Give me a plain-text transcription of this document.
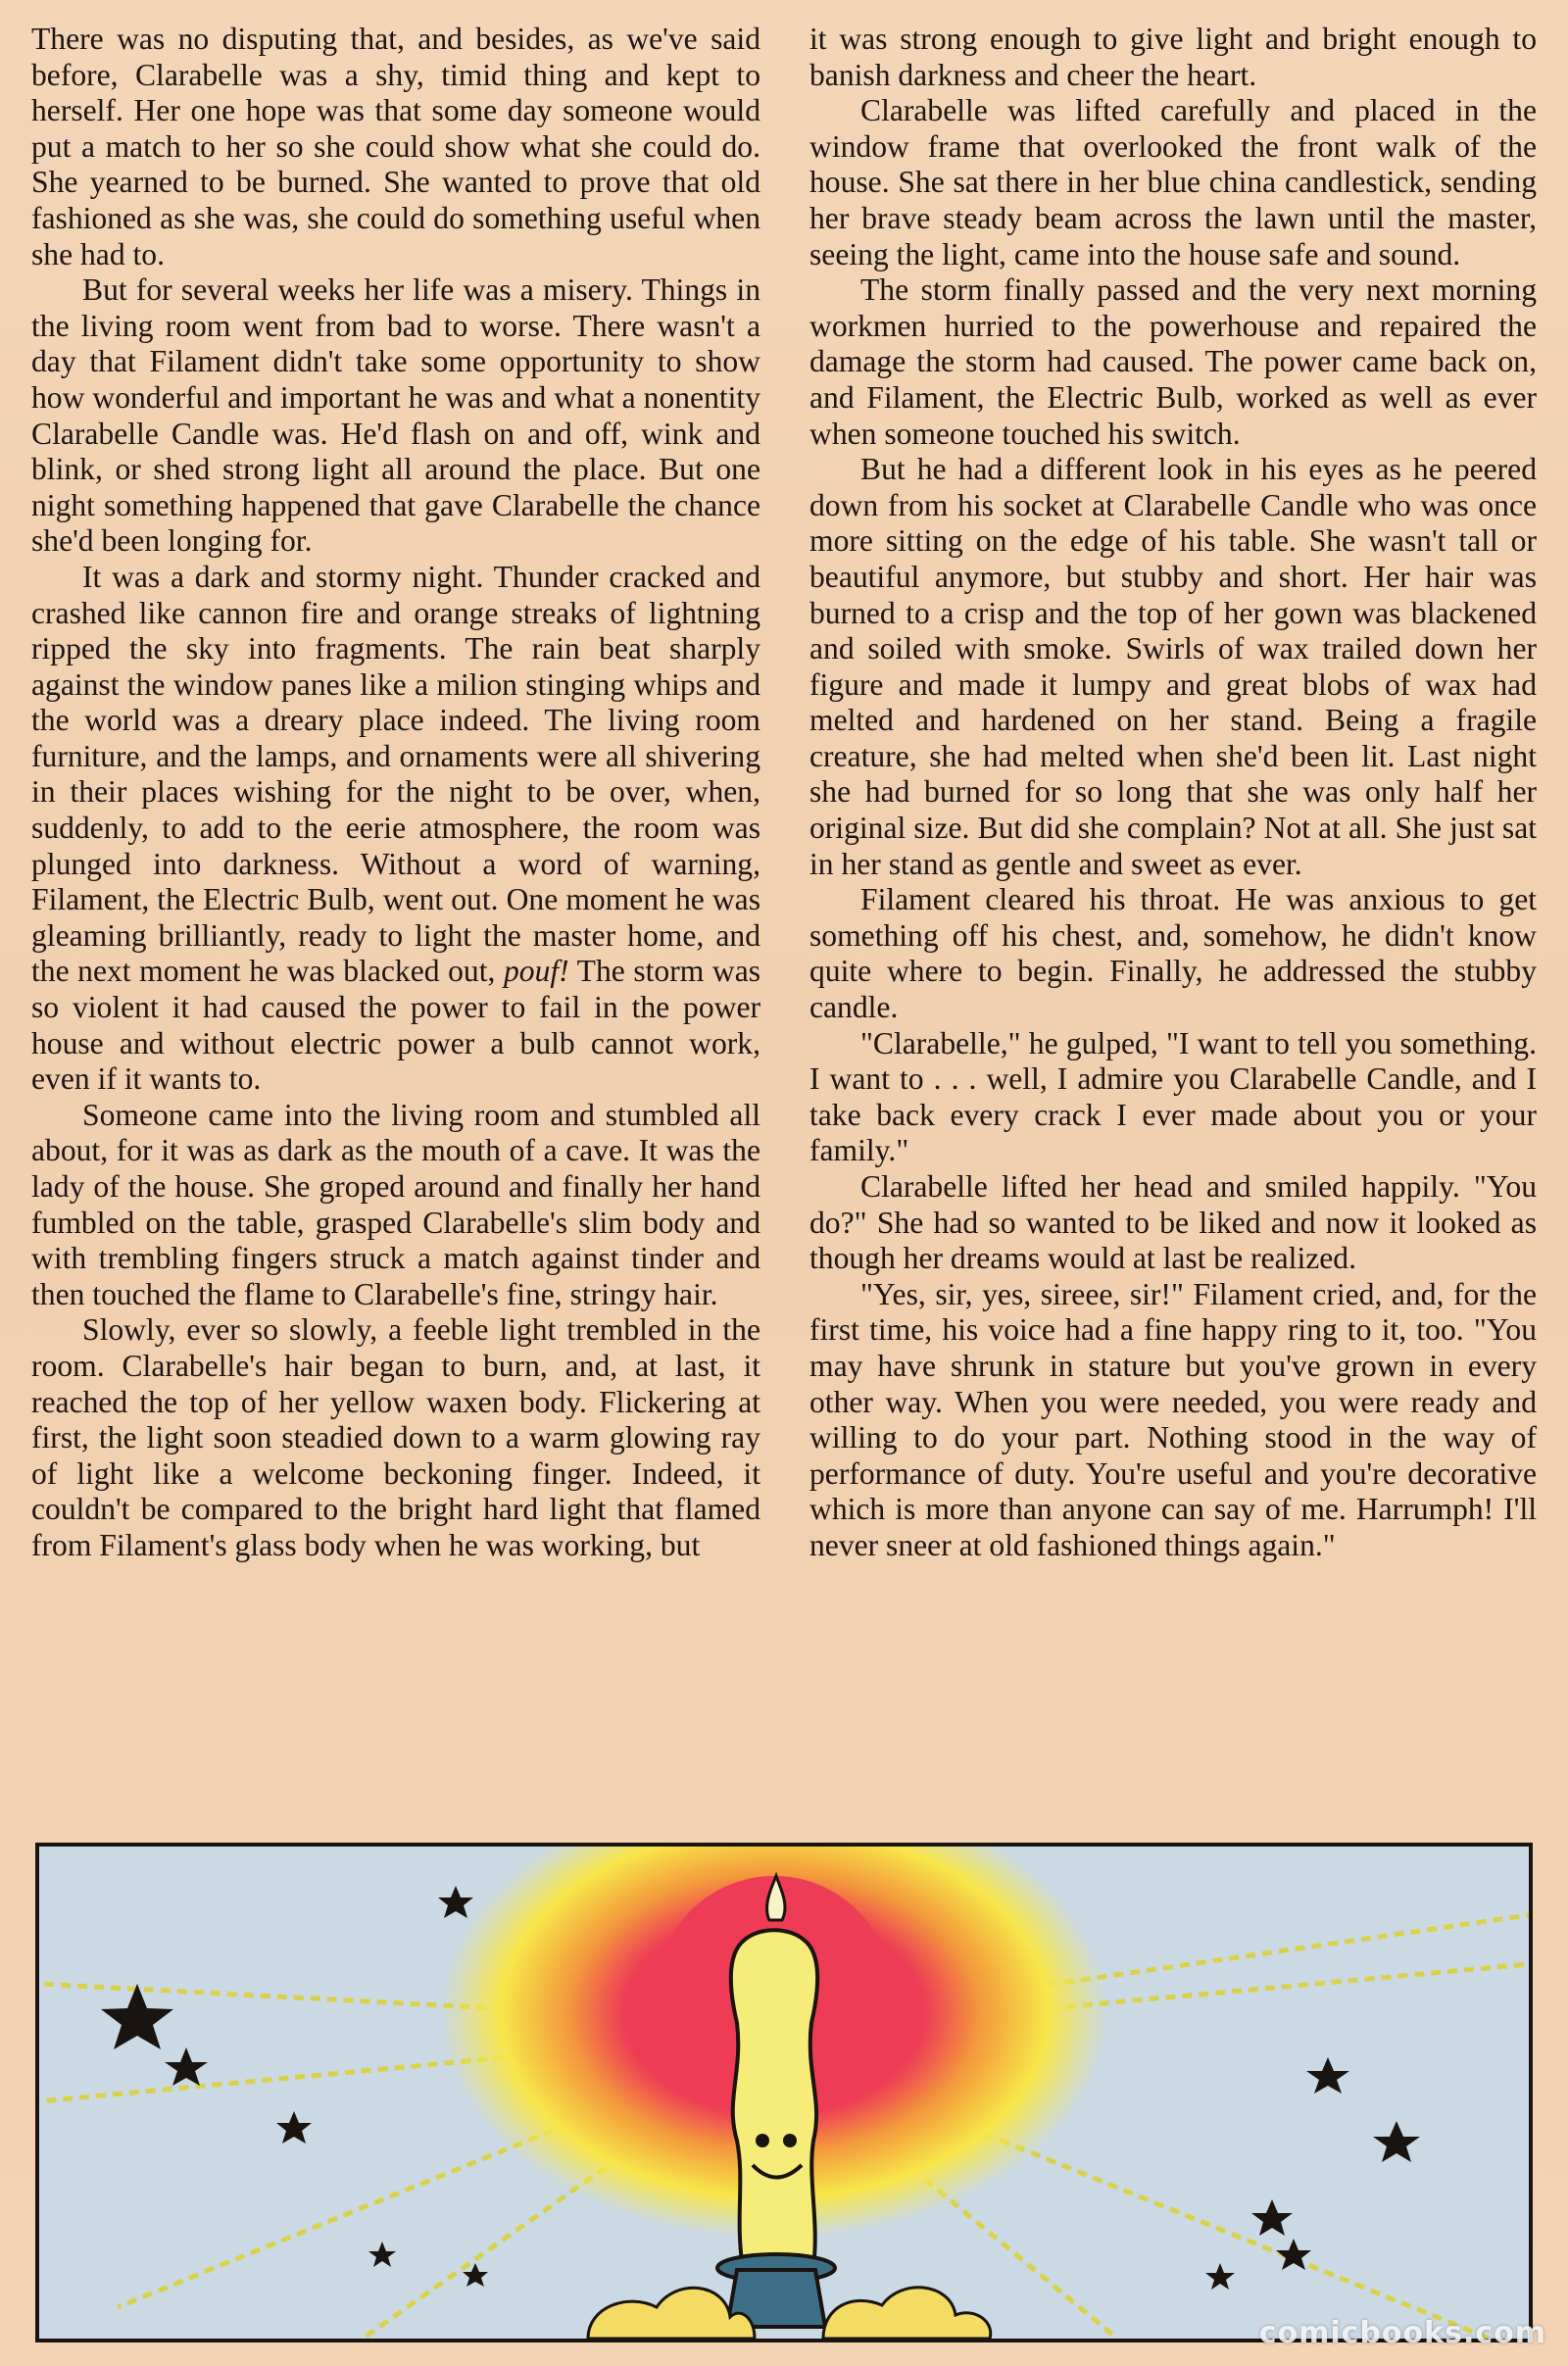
There was no disputing that, and besides, as we've said before, Clarabelle was a shy, timid thing and kept to herself. Her one hope was that some day someone would put a match to her so she could show what she could do. She yearned to be burned. She wanted to prove that old fashioned as she was, she could do something useful when she had to.

But for several weeks her life was a misery. Things in the living room went from bad to worse. There wasn't a day that Filament didn't take some opportunity to show how wonderful and important he was and what a nonentity Clarabelle Candle was. He'd flash on and off, wink and blink, or shed strong light all around the place. But one night something happened that gave Clarabelle the chance she'd been longing for.

It was a dark and stormy night. Thunder cracked and crashed like cannon fire and orange streaks of lightning ripped the sky into fragments. The rain beat sharply against the window panes like a milion stinging whips and the world was a dreary place indeed. The living room furniture, and the lamps, and ornaments were all shivering in their places wishing for the night to be over, when, suddenly, to add to the eerie atmosphere, the room was plunged into darkness. Without a word of warning, Filament, the Electric Bulb, went out. One moment he was gleaming brilliantly, ready to light the master home, and the next moment he was blacked out, pouf! The storm was so violent it had caused the power to fail in the power house and without electric power a bulb cannot work, even if it wants to.

Someone came into the living room and stumbled all about, for it was as dark as the mouth of a cave. It was the lady of the house. She groped around and finally her hand fumbled on the table, grasped Clarabelle's slim body and with trembling fingers struck a match against tinder and then touched the flame to Clarabelle's fine, stringy hair.

Slowly, ever so slowly, a feeble light trembled in the room. Clarabelle's hair began to burn, and, at last, it reached the top of her yellow waxen body. Flickering at first, the light soon steadied down to a warm glowing ray of light like a welcome beckoning finger. Indeed, it couldn't be compared to the bright hard light that flamed from Filament's glass body when he was working, but

it was strong enough to give light and bright enough to banish darkness and cheer the heart.

Clarabelle was lifted carefully and placed in the window frame that overlooked the front walk of the house. She sat there in her blue china candlestick, sending her brave steady beam across the lawn until the master, seeing the light, came into the house safe and sound.

The storm finally passed and the very next morning workmen hurried to the powerhouse and repaired the damage the storm had caused. The power came back on, and Filament, the Electric Bulb, worked as well as ever when someone touched his switch.

But he had a different look in his eyes as he peered down from his socket at Clarabelle Candle who was once more sitting on the edge of his table. She wasn't tall or beautiful anymore, but stubby and short. Her hair was burned to a crisp and the top of her gown was blackened and soiled with smoke. Swirls of wax trailed down her figure and made it lumpy and great blobs of wax had melted and hardened on her stand. Being a fragile creature, she had melted when she'd been lit. Last night she had burned for so long that she was only half her original size. But did she complain? Not at all. She just sat in her stand as gentle and sweet as ever.

Filament cleared his throat. He was anxious to get something off his chest, and, somehow, he didn't know quite where to begin. Finally, he addressed the stubby candle.

"Clarabelle," he gulped, "I want to tell you something. I want to . . . well, I admire you Clarabelle Candle, and I take back every crack I ever made about you or your family."

Clarabelle lifted her head and smiled happily. "You do?" She had so wanted to be liked and now it looked as though her dreams would at last be realized.

"Yes, sir, yes, sireee, sir!" Filament cried, and, for the first time, his voice had a fine happy ring to it, too. "You may have shrunk in stature but you've grown in every other way. When you were needed, you were ready and willing to do your part. Nothing stood in the way of performance of duty. You're useful and you're decorative which is more than anyone can say of me. Harrumph! I'll never sneer at old fashioned things again."

comicbooks.com
